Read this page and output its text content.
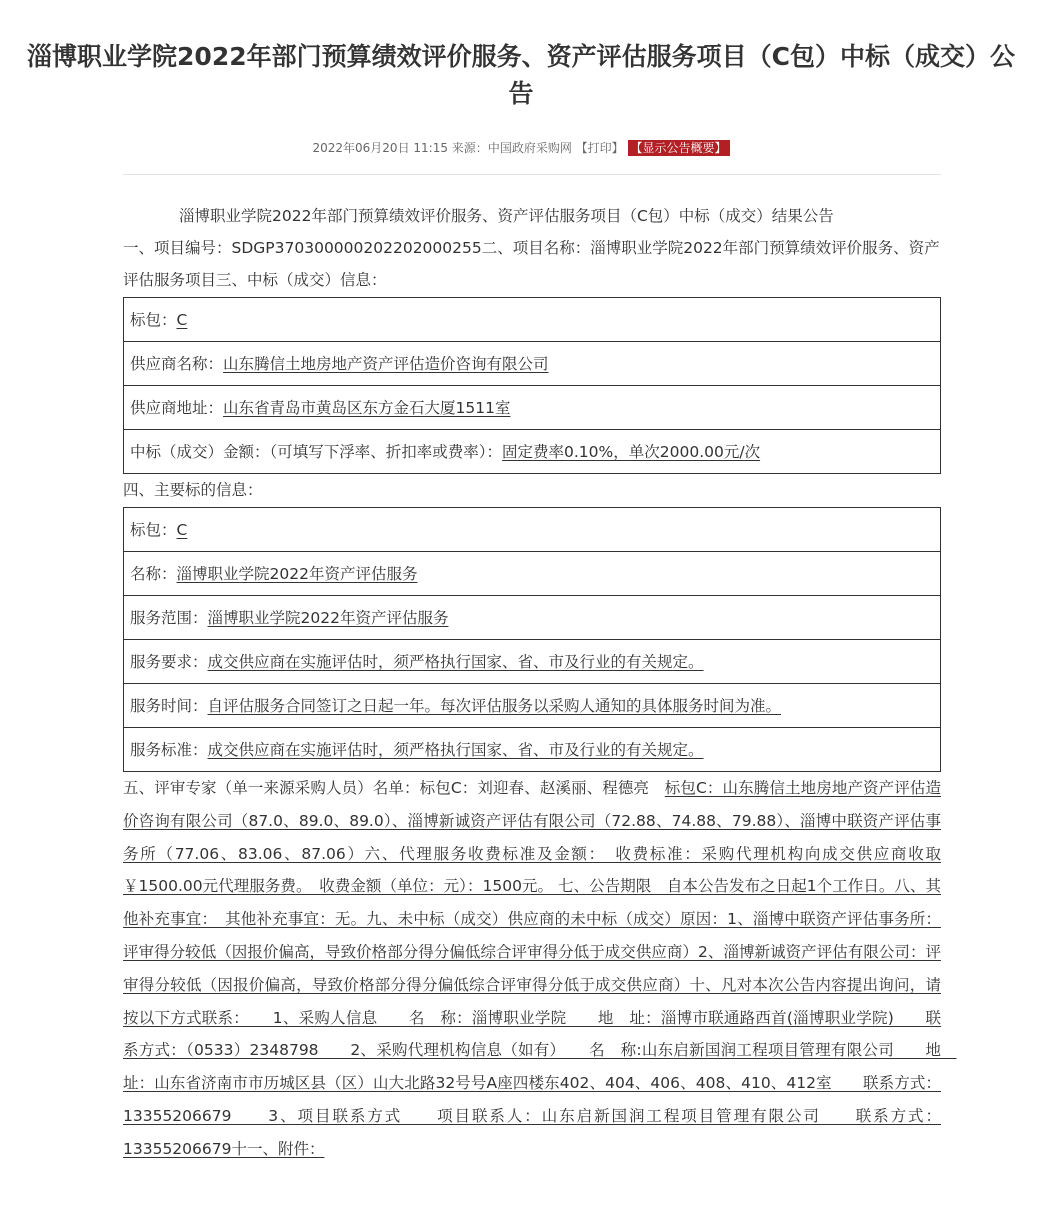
淄博职业学院2022年部门预算绩效评价服务、资产评估服务项目（C包）中标（成交）公告
2022年06月20日 11:15 来源：中国政府采购网 【打印】 【显示公告概要】

淄博职业学院2022年部门预算绩效评价服务、资产评估服务项目（C包）中标（成交）结果公告

一、项目编号：SDGP370300000202202000255二、项目名称：淄博职业学院2022年部门预算绩效评价服务、资产评估服务项目三、中标（成交）信息：

标包：C
供应商名称：山东腾信土地房地产资产评估造价咨询有限公司
供应商地址：山东省青岛市黄岛区东方金石大厦1511室
中标（成交）金额：（可填写下浮率、折扣率或费率）：固定费率0.10%，单次2000.00元/次

四、主要标的信息：

标包：C
名称：淄博职业学院2022年资产评估服务
服务范围：淄博职业学院2022年资产评估服务
服务要求：成交供应商在实施评估时，须严格执行国家、省、市及行业的有关规定。
服务时间：自评估服务合同签订之日起一年。每次评估服务以采购人通知的具体服务时间为准。
服务标准：成交供应商在实施评估时，须严格执行国家、省、市及行业的有关规定。

五、评审专家（单一来源采购人员）名单：标包C：刘迎春、赵溪丽、程德亮　标包C：山东腾信土地房地产资产评估造价咨询有限公司（87.0、89.0、89.0）、淄博新诚资产评估有限公司（72.88、74.88、79.88）、淄博中联资产评估事务所（77.06、83.06、87.06）六、代理服务收费标准及金额：　收费标准：采购代理机构向成交供应商收取￥1500.00元代理服务费。　收费金额（单位：元）：1500元。 七、公告期限　自本公告发布之日起1个工作日。八、其他补充事宜：　其他补充事宜：无。九、未中标（成交）供应商的未中标（成交）原因：1、淄博中联资产评估事务所：评审得分较低（因报价偏高，导致价格部分得分偏低综合评审得分低于成交供应商）2、淄博新诚资产评估有限公司：评审得分较低（因报价偏高，导致价格部分得分偏低综合评审得分低于成交供应商）十、凡对本次公告内容提出询问，请按以下方式联系：　　1、采购人信息　　名　称：淄博职业学院　　地　址：淄博市联通路西首(淄博职业学院)　　联系方式：（0533）2348798　　2、采购代理机构信息（如有）　　名　称:山东启新国润工程项目管理有限公司　　地　址：山东省济南市市历城区县（区）山大北路32号号A座四楼东402、404、406、408、410、412室　　联系方式：13355206679　　3、项目联系方式　　项目联系人：山东启新国润工程项目管理有限公司　　联系方式：13355206679十一、附件：
